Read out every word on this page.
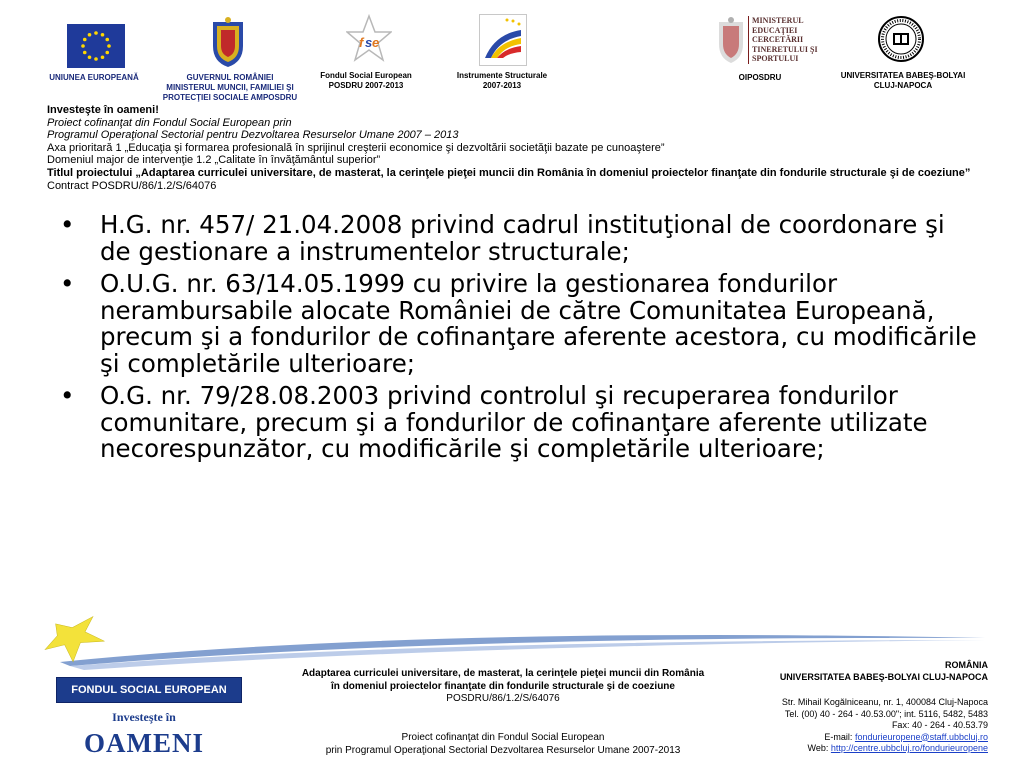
UNIUNEA EUROPEANĂ	GUVERNUL ROMÂNIEI MINISTERUL MUNCII, FAMILIEI ŞI PROTECŢIEI SOCIALE AMPOSDRU
f s e
Fondul Social European
POSDRU 2007-2013
Instrumente Structurale
2007-2013
MINISTERUL EDUCAŢIEI CERCETĂRII TINERETULUI ŞI SPORTULUI
OIPOSDRU	UNIVERSITATEA BABEŞ-BOLYAI
CLUJ-NAPOCA
Investeşte în oameni!
Proiect cofinanţat din Fondul Social European prin
Programul Operaţional Sectorial pentru Dezvoltarea Resurselor Umane 2007 – 2013
Axa prioritară 1 „Educaţia şi formarea profesională în sprijinul creşterii economice şi dezvoltării societăţii bazate pe cunoaştere”
Domeniul major de intervenţie 1.2 „Calitate în învăţământul superior”
Titlul proiectului „Adaptarea curriculei universitare, de masterat, la cerinţele pieţei muncii din România în domeniul proiectelor finanţate din fondurile structurale şi de coeziune”
Contract POSDRU/86/1.2/S/64076
• H.G. nr. 457/ 21.04.2008 privind cadrul instituţional de coordonare şi de gestionare a instrumentelor structurale;
• O.U.G. nr. 63/14.05.1999 cu privire la gestionarea fondurilor nerambursabile alocate României de către Comunitatea Europeană, precum şi a fondurilor de cofinanţare aferente acestora, cu modificările şi completările ulterioare;
• O.G. nr. 79/28.08.2003 privind controlul şi recuperarea fondurilor comunitare, precum şi a fondurilor de cofinanţare aferente utilizate necorespunzător, cu modificările şi completările ulterioare;
FONDUL SOCIAL EUROPEAN
Investeşte în
OAMENI
Adaptarea curriculei universitare, de masterat, la cerinţele pieţei muncii din România
în domeniul proiectelor finanţate din fondurile structurale şi de coeziune
POSDRU/86/1.2/S/64076
Proiect cofinanţat din Fondul Social European
prin Programul Operaţional Sectorial Dezvoltarea Resurselor Umane 2007-2013
ROMÂNIA
UNIVERSITATEA BABEŞ-BOLYAI CLUJ-NAPOCA
Str. Mihail Kogălniceanu, nr. 1, 400084 Cluj-Napoca
Tel. (00) 40 - 264 - 40.53.00"; int. 5116, 5482, 5483
Fax: 40 - 264 - 40.53.79
E-mail: fondurieuropene@staff.ubbcluj.ro
Web: http://centre.ubbcluj.ro/fondurieuropene
